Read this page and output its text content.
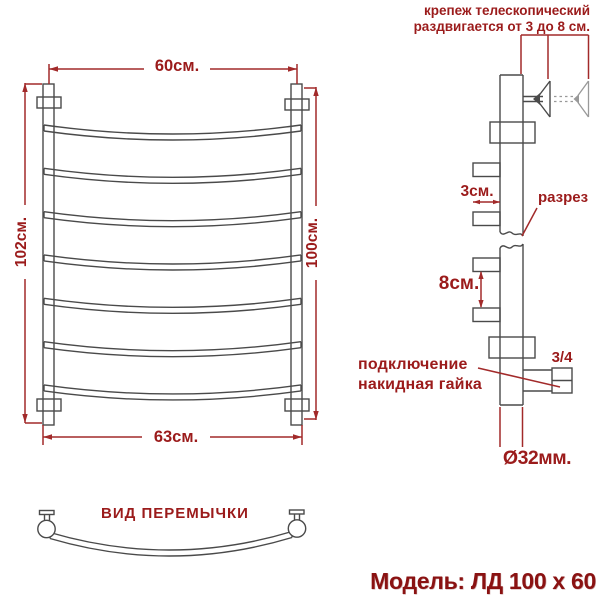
крепеж телескопический
раздвигается от 3 до 8 см.
60см.
63см.
102см.	100см.
3см.	разрез
8см.
подключение
накидная гайка
3/4
Ø32мм.
ВИД ПЕРЕМЫЧКИ
Модель: ЛД 100 х 60
